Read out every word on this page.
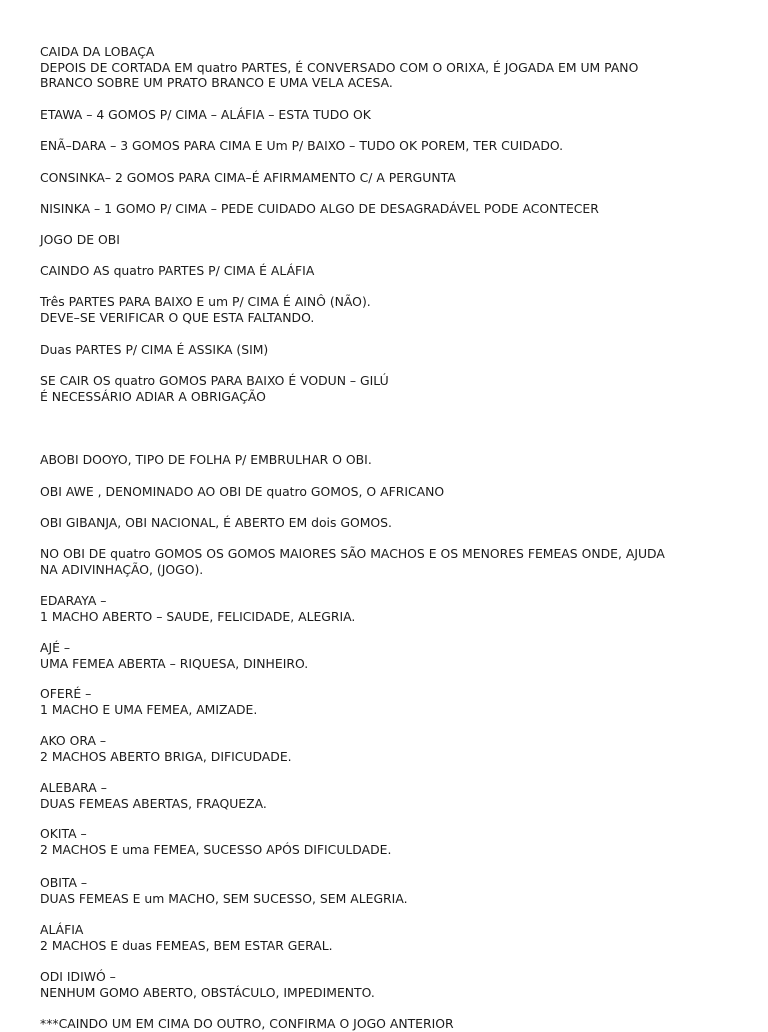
CAIDA DA LOBAÇA
DEPOIS DE CORTADA EM quatro PARTES, É CONVERSADO COM O ORIXA, É JOGADA EM UM PANO
BRANCO SOBRE UM PRATO BRANCO E UMA VELA ACESA.
ETAWA – 4 GOMOS P/ CIMA – ALÁFIA – ESTA TUDO OK
ENÃ–DARA – 3 GOMOS PARA CIMA E Um P/ BAIXO – TUDO OK POREM, TER CUIDADO.
CONSINKA– 2 GOMOS PARA CIMA–É AFIRMAMENTO C/ A PERGUNTA
NISINKA – 1 GOMO P/ CIMA – PEDE CUIDADO ALGO DE DESAGRADÁVEL PODE ACONTECER
JOGO DE OBI
CAINDO AS quatro PARTES P/ CIMA É ALÁFIA
Três PARTES PARA BAIXO E um P/ CIMA É AINÔ (NÃO).
DEVE–SE VERIFICAR O QUE ESTA FALTANDO.
Duas PARTES P/ CIMA É ASSIKA (SIM)
SE CAIR OS quatro GOMOS PARA BAIXO É VODUN – GILÚ
É NECESSÁRIO ADIAR A OBRIGAÇÃO
ABOBI DOOYO, TIPO DE FOLHA P/ EMBRULHAR O OBI.
OBI AWE , DENOMINADO AO OBI DE quatro GOMOS, O AFRICANO
OBI GIBANJA, OBI NACIONAL, É ABERTO EM dois GOMOS.
NO OBI DE quatro GOMOS OS GOMOS MAIORES SÃO MACHOS E OS MENORES FEMEAS ONDE, AJUDA
NA ADIVINHAÇÃO, (JOGO).
EDARAYA –
1 MACHO ABERTO – SAUDE, FELICIDADE, ALEGRIA.
AJÉ –
UMA FEMEA ABERTA – RIQUESA, DINHEIRO.
OFERÉ –
1 MACHO E UMA FEMEA, AMIZADE.
AKO ORA –
2 MACHOS ABERTO BRIGA, DIFICUDADE.
ALEBARA –
DUAS FEMEAS ABERTAS, FRAQUEZA.
OKITA –
2 MACHOS E uma FEMEA, SUCESSO APÓS DIFICULDADE.
OBITA –
DUAS FEMEAS E um MACHO, SEM SUCESSO, SEM ALEGRIA.
ALÁFIA
2 MACHOS E duas FEMEAS, BEM ESTAR GERAL.
ODI IDIWÓ –
NENHUM GOMO ABERTO, OBSTÁCULO, IMPEDIMENTO.
***CAINDO UM EM CIMA DO OUTRO, CONFIRMA O JOGO ANTERIOR
